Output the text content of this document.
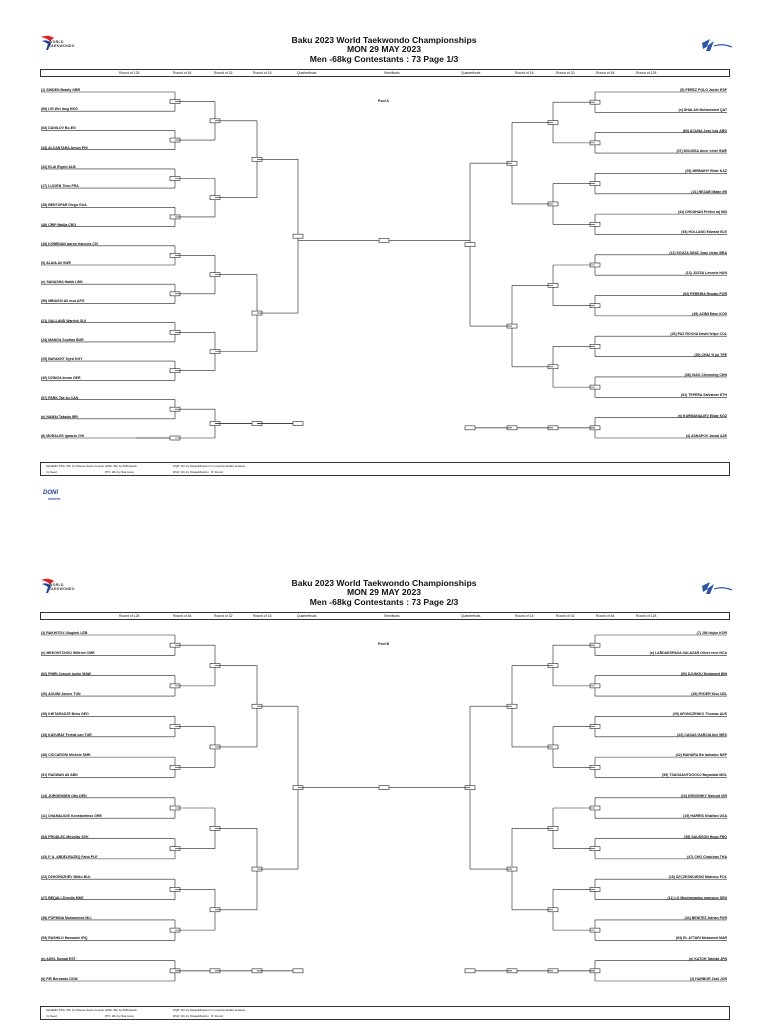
WORLD
TAEKWONDO
Baku 2023 World Taekwondo Championships
MON 29 MAY 2023
Men -68kg Contestants : 73 Page 1/3
Round of 128	Round of 64	Round of 32	Round of 16	Quarterfinals	Semifinals	Quarterfinals	Round of 16	Round of 32	Round of 64	Round of 128
(1) SINDEN Bradly GBR
(89) LEI Wei lang HKG
(64) DANILOV Bo-EN
(33) ALCANTARA Arnon PHI
(32) ELAI Elgein ALB
(17) LUCIEN Theo FRA
(38) BENTUPAR Diego GUA
(46) CRIP Matija CRO
(16) KOBENAN Aaron francois CIV
(9) ALAIA Ali SWE
(n) SANASHA Habib LBN
(56) MBIASSI Ali reza AFG
(21) GALLAND Warrick SUI
(24) MANGA Soufian BUR
(25) BAYAKHT Syed KGY
(40) DZINGA Imran GER
(57) PARK Tae ku CAN
(n) NAMAI Takado IRR
(8) MORALES Ignacio CHI
(5) PEREZ POLO Javier ESP
(n) SHALAN Mohammed QAT
(60) ACUNA Jose luis ARG
(37) MOUSSA Amer ciner SWE
(28) MIRMAHY Eldar KAZ
(21) REZAEI Matin IRI
(44) CHOUHAN Prithvi raj IND
(53) HOLLAND Edward ELE
(12) SOUZA DINIZ Joao victor BRA
(13) JOZSA Levente HUN
(52) PEREIRA Renato POR
(45) AZIMI Edon KOS
(20) PAZ ROCHA David felipe COL
(29) CHIU Yi jui TPE
(36) XIAO Chenming CHN
(61) TEPERA Salvatore ETH
(n) KURMANALIEV Eldar KGZ
(4) ASHAPOV Javad AZE
Pool A
LEGEND: PSC: Win by Referee Stops Contest WDR: Win by Withdrawal	DQB: Win by Disqualification for unsportsmanlike behavior
(n) Seed	PTF: Win by final score	DSQ: Win by Disqualification R: Round
DONI
SPORTS
WORLD
TAEKWONDO
Baku 2023 World Taekwondo Championships
MON 29 MAY 2023
Men -68kg Contestants : 73 Page 2/3
Round of 128	Round of 64	Round of 32	Round of 16	Quarterfinals	Semifinals	Quarterfinals	Round of 16	Round of 32	Round of 64	Round of 128
(3) RAKHITOV Ulugbek UZB
(n) MEKONTCHOU Wilfried CMR
(62) PHIRI Joseph junior MAW
(30) AOUINI Jasser TUN
(35) KHITARADZE Beka GEO
(19) KAVURAT Ferhat can TUR
(46) CICCARONI Michele SMR
(51) RADWAN Ali ABN
(14) JORGENSEN Otto DEN
(11) CHAMALIDIS Konstantinos GRE
(54) PRODLEC Miroslav SVK
(43) F. A. ABDELRAZEQ Fahd PLE
(22) DZHORDZHEV Mitko BUL
(27) BEQALI Zinedin MKE
(38) POPINNA Muhammed MLI
(59) RASHILD Hassanin IRQ
(n) AKEL Suwad EST
(6) PIE Bernardo DOM
(7) JIN Hojun KOR
(n) LARDAESPADA SALAZAR Oliver rene NCA
(50) DJUNGU Muhamed BIH
(26) RYDER Kiso NZL
(39) AFONCZENKO Thomas AUS
(23) CASAS GARCIA Iker MEX
(42) MAHARA Bir bahadur NEP
(55) TSAGAANTOGOOJ Bayanbat MGL
(10) KRIVISHKY Nimrod ISR
(15) HARRIS Khalfani USA
(58) SAUSSON Hugo FRO
(47) CHO Chaichan THA
(18) SZCZESNOWSKI Mateusz POL
(11) LO Mouhamadou mansour SEN
(34) BENITEZ Adrian PUR
(63) EL ATTARI Mohamed MAR
(n) KATOH Takeda JPN
(2) HARBOR Zaid JOR
Pool B
LEGEND: PSC: Win by Referee Stops Contest WDR: Win by Withdrawal	DQB: Win by Disqualification for unsportsmanlike behavior
(n) Seed	PTF: Win by final score	DSQ: Win by Disqualification R: Round
